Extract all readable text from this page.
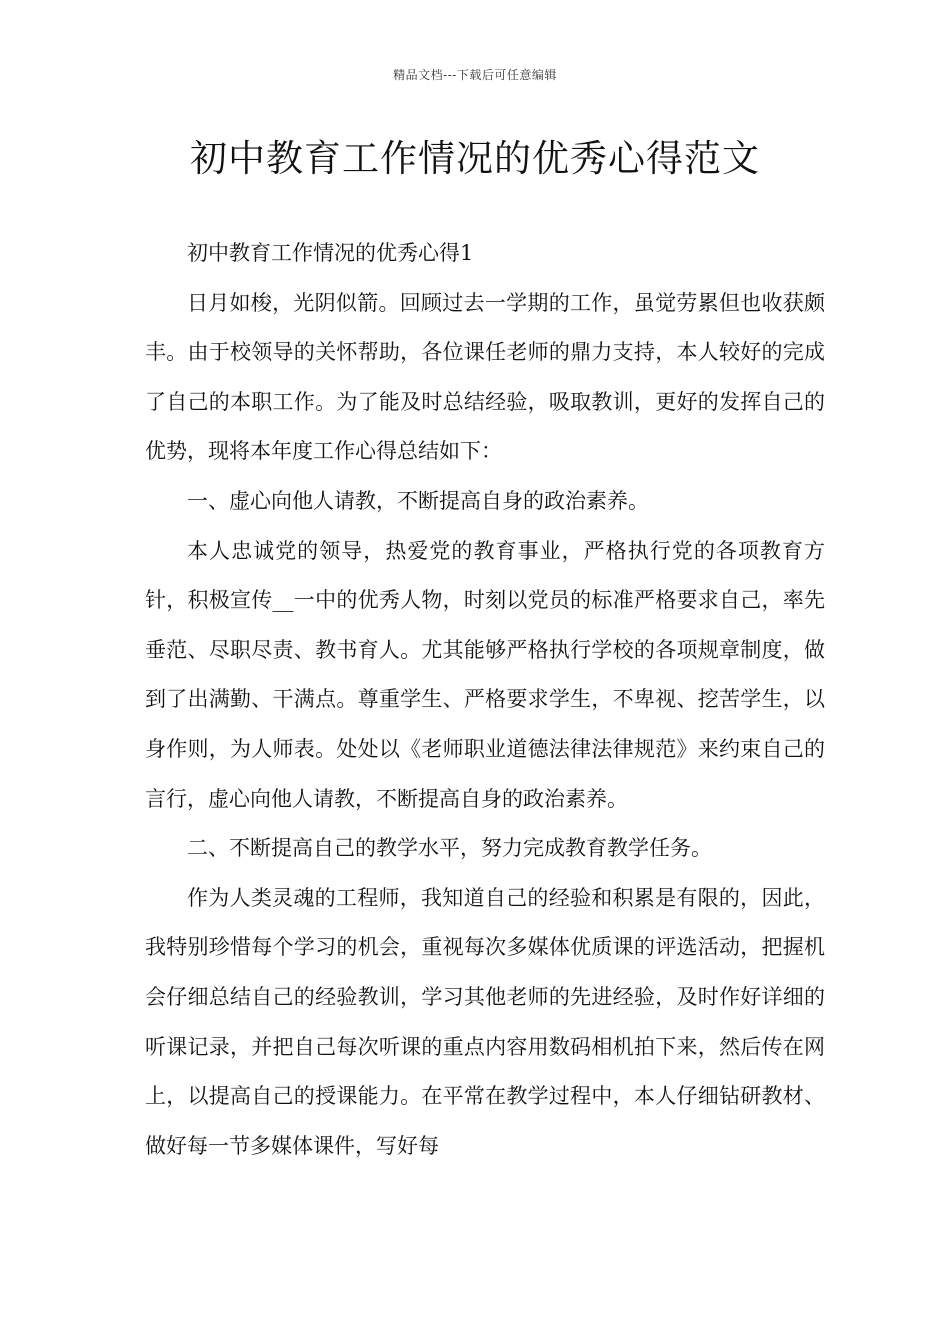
精品文档---下载后可任意编辑
初中教育工作情况的优秀心得范文

初中教育工作情况的优秀心得1

日月如梭，光阴似箭。回顾过去一学期的工作，虽觉劳累但也收获颇丰。由于校领导的关怀帮助，各位课任老师的鼎力支持，本人较好的完成了自己的本职工作。为了能及时总结经验，吸取教训，更好的发挥自己的优势，现将本年度工作心得总结如下：

一、虚心向他人请教，不断提高自身的政治素养。

本人忠诚党的领导，热爱党的教育事业，严格执行党的各项教育方针，积极宣传__一中的优秀人物，时刻以党员的标准严格要求自己，率先垂范、尽职尽责、教书育人。尤其能够严格执行学校的各项规章制度，做到了出满勤、干满点。尊重学生、严格要求学生，不卑视、挖苦学生，以身作则，为人师表。处处以《老师职业道德法律法律规范》来约束自己的言行，虚心向他人请教，不断提高自身的政治素养。

二、不断提高自己的教学水平，努力完成教育教学任务。

作为人类灵魂的工程师，我知道自己的经验和积累是有限的，因此，我特别珍惜每个学习的机会，重视每次多媒体优质课的评选活动，把握机会仔细总结自己的经验教训，学习其他老师的先进经验，及时作好详细的听课记录，并把自己每次听课的重点内容用数码相机拍下来，然后传在网上，以提高自己的授课能力。在平常在教学过程中，本人仔细钻研教材、做好每一节多媒体课件，写好每
